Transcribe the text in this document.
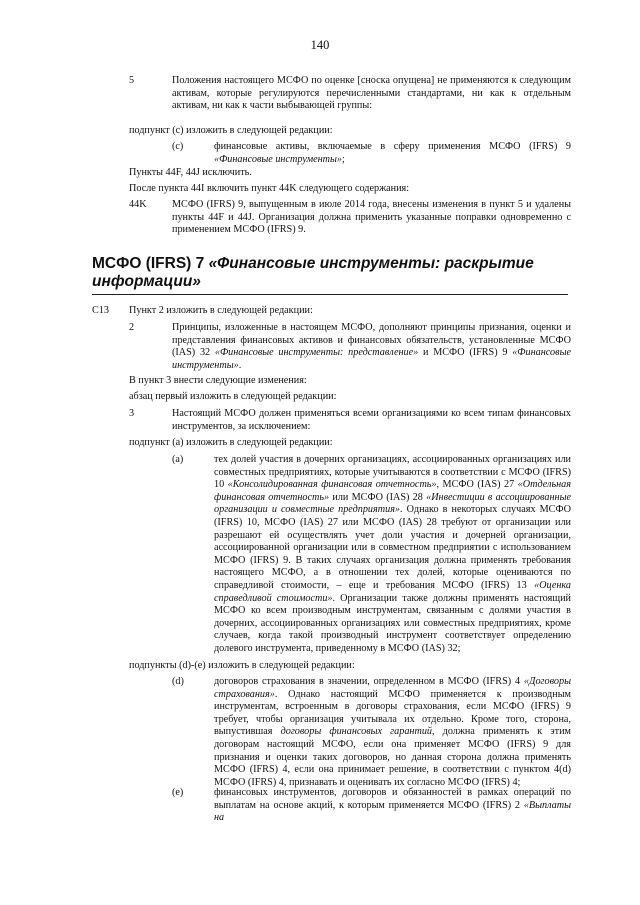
140
5	Положения настоящего МСФО по оценке [сноска опущена] не применяются к следующим активам, которые регулируются перечисленными стандартами, ни как к отдельным активам, ни как к части выбывающей группы:
подпункт (c) изложить в следующей редакции:
(c)	финансовые активы, включаемые в сферу применения МСФО (IFRS) 9 «Финансовые инструменты»;
Пункты 44F, 44J исключить.
После пункта 44I включить пункт 44K следующего содержания:
44K МСФО (IFRS) 9, выпущенным в июле 2014 года, внесены изменения в пункт 5 и удалены пункты 44F и 44J. Организация должна применить указанные поправки одновременно с применением МСФО (IFRS) 9.
МСФО (IFRS) 7 «Финансовые инструменты: раскрытие информации»
C13 Пункт 2 изложить в следующей редакции:
2	Принципы, изложенные в настоящем МСФО, дополняют принципы признания, оценки и представления финансовых активов и финансовых обязательств, установленные МСФО (IAS) 32 «Финансовые инструменты: представление» и МСФО (IFRS) 9 «Финансовые инструменты».
В пункт 3 внести следующие изменения:
абзац первый изложить в следующей редакции:
3	Настоящий МСФО должен применяться всеми организациями ко всем типам финансовых инструментов, за исключением:
подпункт (a) изложить в следующей редакции:
(a)	тех долей участия в дочерних организациях, ассоциированных организациях или совместных предприятиях, которые учитываются в соответствии с МСФО (IFRS) 10 «Консолидированная финансовая отчетность», МСФО (IAS) 27 «Отдельная финансовая отчетность» или МСФО (IAS) 28 «Инвестиции в ассоциированные организации и совместные предприятия». Однако в некоторых случаях МСФО (IFRS) 10, МСФО (IAS) 27 или МСФО (IAS) 28 требуют от организации или разрешают ей осуществлять учет доли участия и дочерней организации, ассоциированной организации или в совместном предприятии с использованием МСФО (IFRS) 9. В таких случаях организация должна применять требования настоящего МСФО, а в отношении тех долей, которые оцениваются по справедливой стоимости, – еще и требования МСФО (IFRS) 13 «Оценка справедливой стоимости». Организации также должны применять настоящий МСФО ко всем производным инструментам, связанным с долями участия в дочерних, ассоциированных организациях или совместных предприятиях, кроме случаев, когда такой производный инструмент соответствует определению долевого инструмента, приведенному в МСФО (IAS) 32;
подпункты (d)-(e) изложить в следующей редакции:
(d)	договоров страхования в значении, определенном в МСФО (IFRS) 4 «Договоры страхования». Однако настоящий МСФО применяется к производным инструментам, встроенным в договоры страхования, если МСФО (IFRS) 9 требует, чтобы организация учитывала их отдельно. Кроме того, сторона, выпустившая договоры финансовых гарантий, должна применять к этим договорам настоящий МСФО, если она применяет МСФО (IFRS) 9 для признания и оценки таких договоров, но данная сторона должна применять МСФО (IFRS) 4, если она принимает решение, в соответствии с пунктом 4(d) МСФО (IFRS) 4, признавать и оценивать их согласно МСФО (IFRS) 4;
(e)	финансовых инструментов, договоров и обязанностей в рамках операций по выплатам на основе акций, к которым применяется МСФО (IFRS) 2 «Выплаты на
